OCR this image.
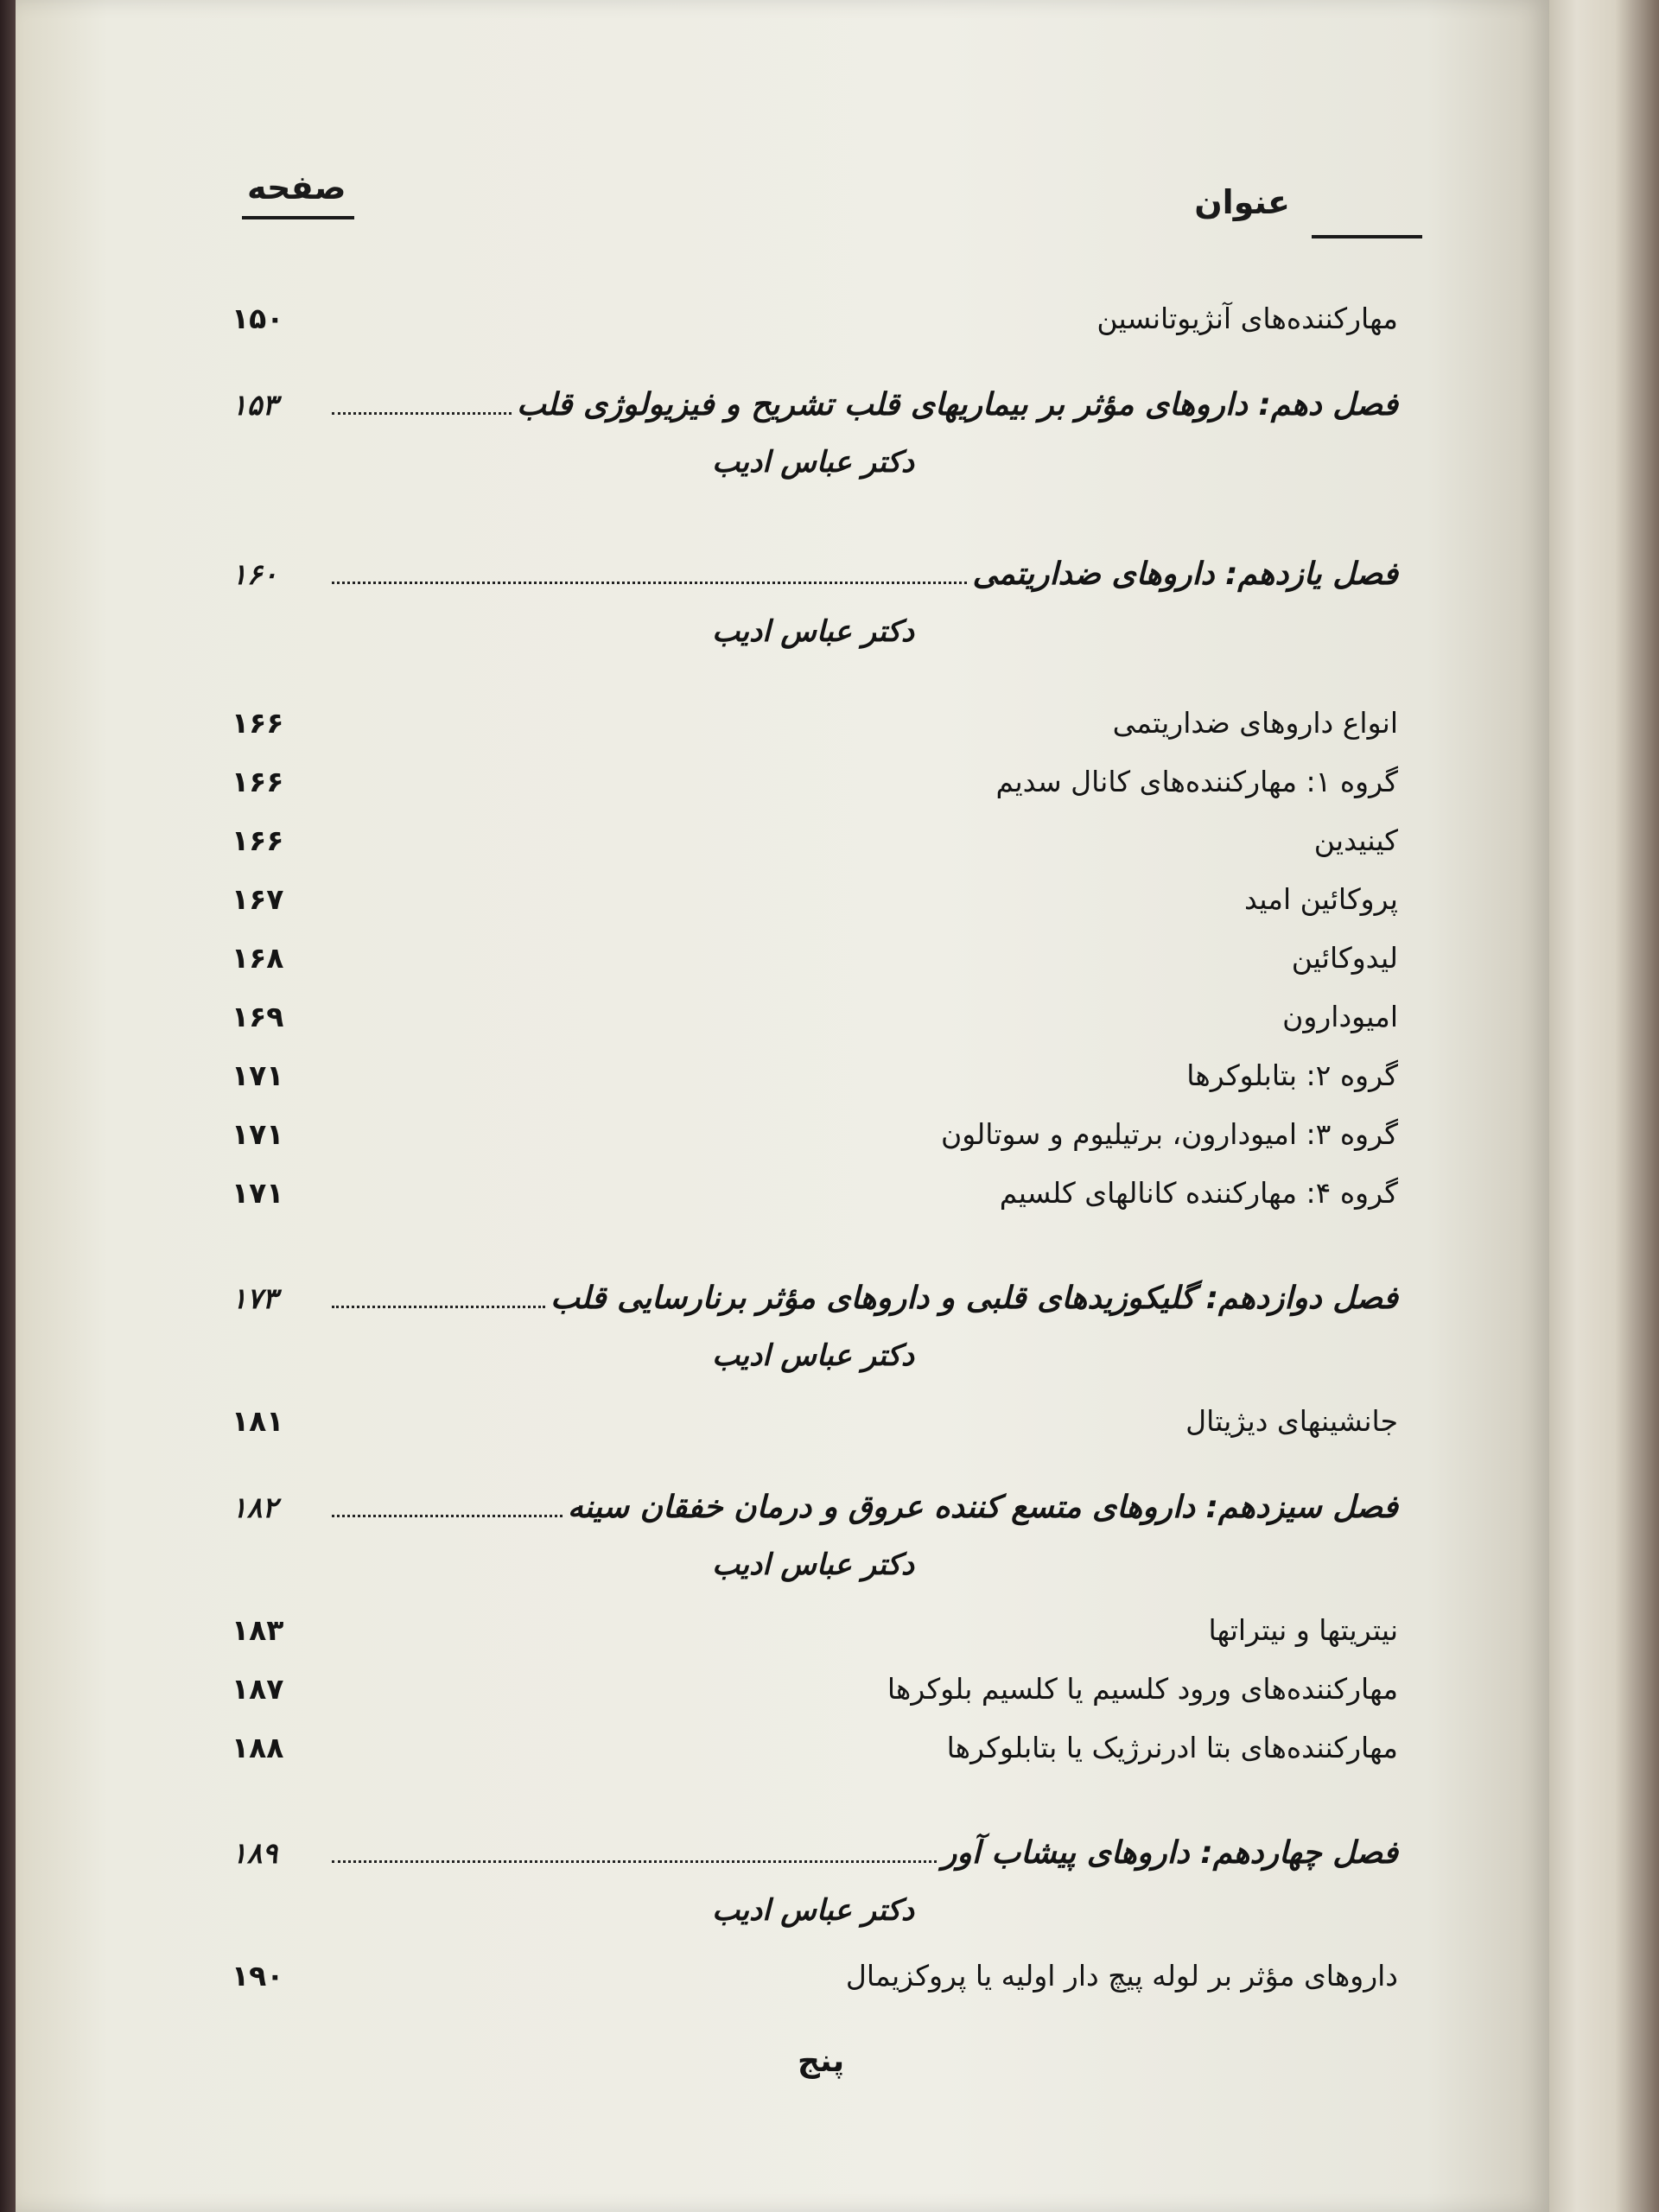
عنوان
صفحه
مهارکننده‌های آنژیوتانسین
۱۵۰
فصل دهم: داروهای مؤثر بر بیماریهای قلب تشریح و فیزیولوژی قلب
۱۵۳
دکتر عباس ادیب
فصل یازدهم: داروهای ضداریتمی
۱۶۰
دکتر عباس ادیب
انواع داروهای ضداریتمی
۱۶۶
گروه ۱: مهارکننده‌های کانال سدیم
۱۶۶
کینیدین
۱۶۶
پروکائین امید
۱۶۷
لیدوکائین
۱۶۸
امیودارون
۱۶۹
گروه ۲: بتابلوکرها
۱۷۱
گروه ۳: امیودارون، برتیلیوم و سوتالون
۱۷۱
گروه ۴: مهارکننده کانالهای کلسیم
۱۷۱
فصل دوازدهم: گلیکوزیدهای قلبی و داروهای مؤثر برنارسایی قلب
۱۷۳
دکتر عباس ادیب
جانشینهای دیژیتال
۱۸۱
فصل سیزدهم: داروهای متسع کننده عروق و درمان خفقان سینه
۱۸۲
دکتر عباس ادیب
نیتریتها و نیتراتها
۱۸۳
مهارکننده‌های ورود کلسیم یا کلسیم بلوکرها
۱۸۷
مهارکننده‌های بتا ادرنرژیک یا بتابلوکرها
۱۸۸
فصل چهاردهم: داروهای پیشاب آور
۱۸۹
دکتر عباس ادیب
داروهای مؤثر بر لوله پیچ دار اولیه یا پروکزیمال
۱۹۰
پنج
